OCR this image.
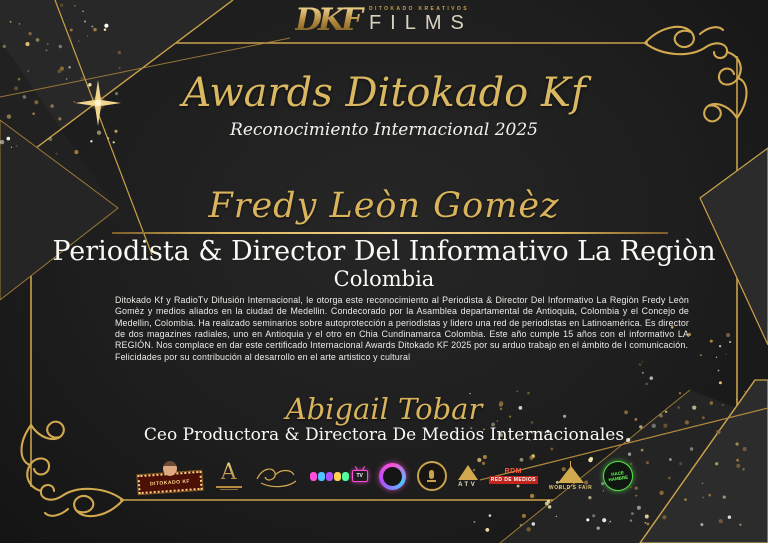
DKF	DITOKADO KREATIVOS
FILMS
Awards Ditokado Kf
Reconocimiento Internacional 2025
Fredy Leòn Gomèz
Periodista & Director Del Informativo La Regiòn
Colombia

Ditokado Kf y RadioTv Difusión Internacional, le otorga este reconocimiento al Periodista & Director Del Informativo La Regiòn Fredy Leòn Gomèz y medios aliados en la ciudad de Medellin. Condecorado por la Asamblea departamental de Antioquia, Colombia y el Concejo de Medellin, Colombia. Ha realizado seminarios sobre autoprotección a periodistas y lidero una red de periodistas en Latinoamérica. Es director de dos magazines radiales, uno en Antioquia y el otro en Chia Cundinamarca Colombia. Este año cumple 15 años con el informativo LA REGIÓN. Nos complace en dar este certificado Internacional Awards Ditokado KF 2025 por su arduo trabajo en el ámbito de l comunicación.

Felicidades por su contribución al desarrollo en el arte artistico y cultural

Abigail Tobar
Ceo Productora & Directora De Medios Internacionales
DITOKADO KF A	TV
ATV
RDM
RED DE MEDIOS
WORLD'S FAIR
HACE HAMBRE
